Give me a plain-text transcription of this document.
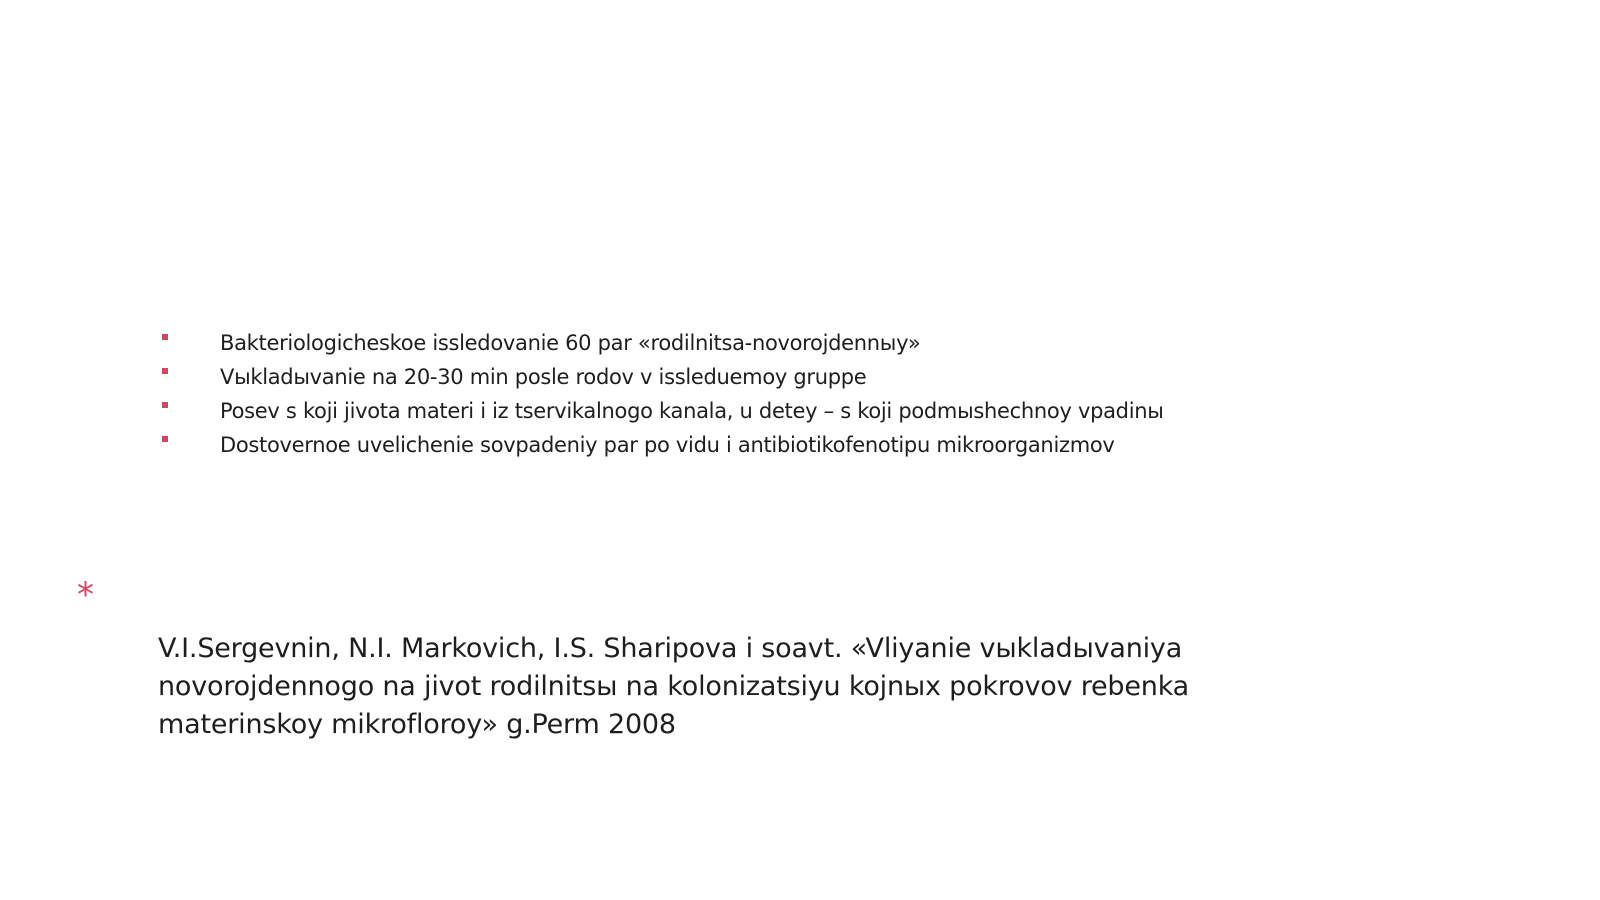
Bakteriologicheskoe issledovanie 60 par «rodilnitsa-novorojdennыy»
Vыkladыvanie na 20-30 min posle rodov v issleduemoy gruppe
Posev s koji jivota materi i iz tservikalnogo kanala, u detey – s koji podmыshechnoy vpadinы
Dostovernoe uvelichenie sovpadeniy par po vidu i antibiotikofenotipu mikroorganizmov
*

V.I.Sergevnin, N.I. Markovich, I.S. Sharipova i soavt. «Vliyanie vыkladыvaniya novorojdennogo na jivot rodilnitsы na kolonizatsiyu kojnыx pokrovov rebenka materinskoy mikrofloroy» g.Perm 2008
